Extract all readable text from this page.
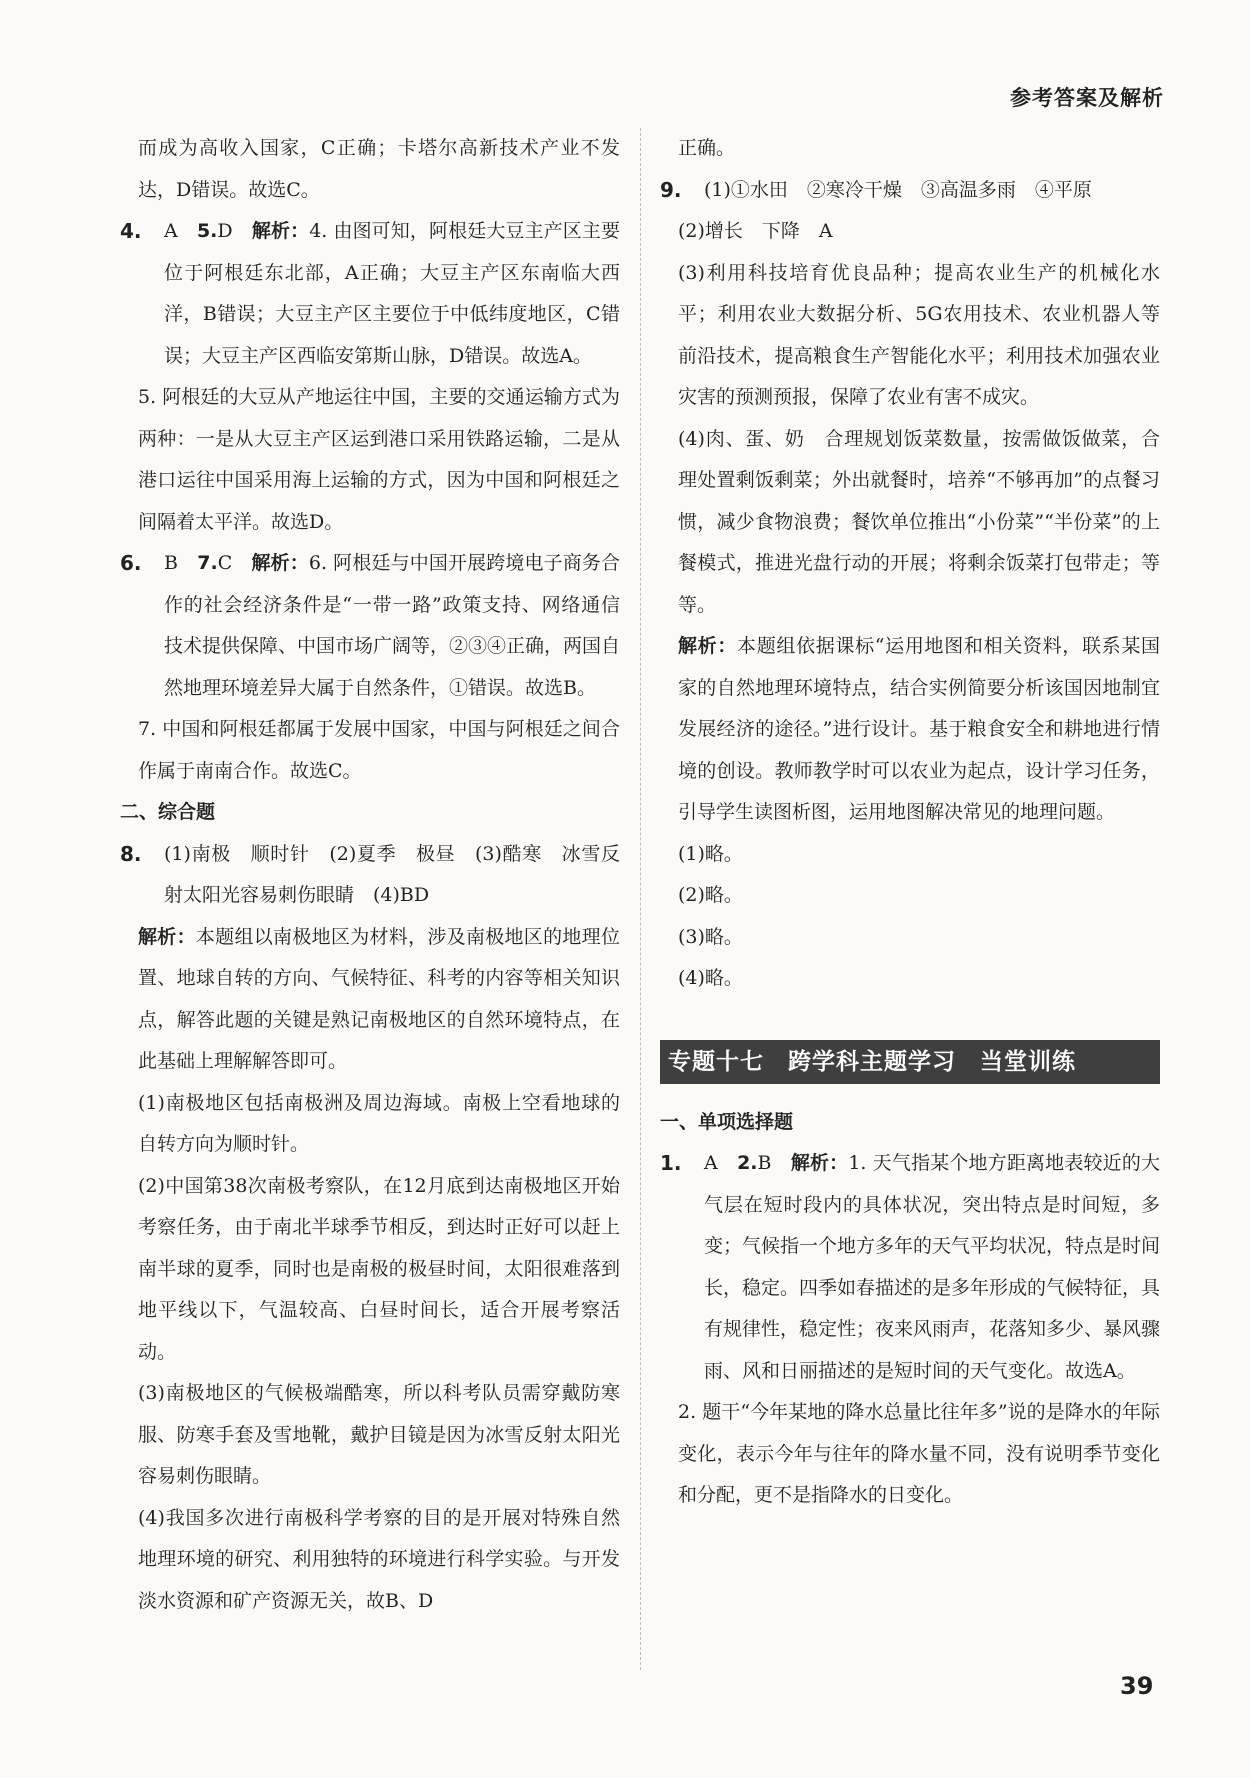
参考答案及解析

而成为高收入国家，C正确；卡塔尔高新技术产业不发达，D错误。故选C。

4.	A　 5.D　 解析：4. 由图可知，阿根廷大豆主产区主要位于阿根廷东北部，A正确；大豆主产区东南临大西洋，B错误；大豆主产区主要位于中低纬度地区，C错误；大豆主产区西临安第斯山脉，D错误。故选A。

5. 阿根廷的大豆从产地运往中国，主要的交通运输方式为两种：一是从大豆主产区运到港口采用铁路运输，二是从港口运往中国采用海上运输的方式，因为中国和阿根廷之间隔着太平洋。故选D。

6.	B　 7.C　 解析：6. 阿根廷与中国开展跨境电子商务合作的社会经济条件是“一带一路”政策支持、网络通信技术提供保障、中国市场广阔等，②③④正确，两国自然地理环境差异大属于自然条件，①错误。故选B。

7. 中国和阿根廷都属于发展中国家，中国与阿根廷之间合作属于南南合作。故选C。

二、综合题

8.	(1)南极　顺时针　(2)夏季　极昼　(3)酷寒　冰雪反射太阳光容易刺伤眼睛　(4)BD

解析：本题组以南极地区为材料，涉及南极地区的地理位置、地球自转的方向、气候特征、科考的内容等相关知识点，解答此题的关键是熟记南极地区的自然环境特点，在此基础上理解解答即可。

(1)南极地区包括南极洲及周边海域。南极上空看地球的自转方向为顺时针。

(2)中国第38次南极考察队，在12月底到达南极地区开始考察任务，由于南北半球季节相反，到达时正好可以赶上南半球的夏季，同时也是南极的极昼时间，太阳很难落到地平线以下，气温较高、白昼时间长，适合开展考察活动。

(3)南极地区的气候极端酷寒，所以科考队员需穿戴防寒服、防寒手套及雪地靴，戴护目镜是因为冰雪反射太阳光容易刺伤眼睛。

(4)我国多次进行南极科学考察的目的是开展对特殊自然地理环境的研究、利用独特的环境进行科学实验。与开发淡水资源和矿产资源无关，故B、D

正确。

9.	(1)①水田　②寒冷干燥　③高温多雨　④平原

(2)增长　下降　A

(3)利用科技培育优良品种；提高农业生产的机械化水平；利用农业大数据分析、5G农用技术、农业机器人等前沿技术，提高粮食生产智能化水平；利用技术加强农业灾害的预测预报，保障了农业有害不成灾。

(4)肉、蛋、奶　合理规划饭菜数量，按需做饭做菜，合理处置剩饭剩菜；外出就餐时，培养“不够再加”的点餐习惯，减少食物浪费；餐饮单位推出“小份菜”“半份菜”的上餐模式，推进光盘行动的开展；将剩余饭菜打包带走；等等。

解析：本题组依据课标“运用地图和相关资料，联系某国家的自然地理环境特点，结合实例简要分析该国因地制宜发展经济的途径。”进行设计。基于粮食安全和耕地进行情境的创设。教师教学时可以农业为起点，设计学习任务，引导学生读图析图，运用地图解决常见的地理问题。

(1)略。

(2)略。

(3)略。

(4)略。

专题十七　跨学科主题学习　当堂训练

一、单项选择题

1.	A　 2.B　 解析：1. 天气指某个地方距离地表较近的大气层在短时段内的具体状况，突出特点是时间短，多变；气候指一个地方多年的天气平均状况，特点是时间长，稳定。四季如春描述的是多年形成的气候特征，具有规律性，稳定性；夜来风雨声，花落知多少、暴风骤雨、风和日丽描述的是短时间的天气变化。故选A。

2. 题干“今年某地的降水总量比往年多”说的是降水的年际变化，表示今年与往年的降水量不同，没有说明季节变化和分配，更不是指降水的日变化。

39
